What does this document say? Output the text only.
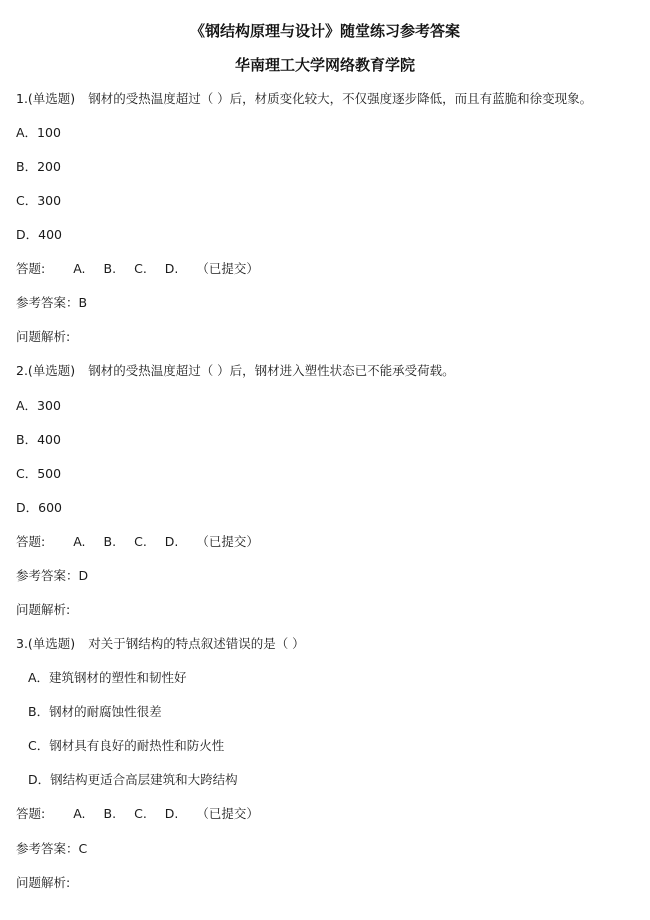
《钢结构原理与设计》随堂练习参考答案
华南理工大学网络教育学院
1.(单选题) 钢材的受热温度超过（ ）后，材质变化较大，不仅强度逐步降低，而且有蓝脆和徐变现象。
A．100
B．200
C．300
D．400
答题: A. B. C. D. （已提交）
参考答案：B
问题解析:
2.(单选题) 钢材的受热温度超过（ ）后，钢材进入塑性状态已不能承受荷载。
A．300
B．400
C．500
D．600
答题: A. B. C. D. （已提交）
参考答案：D
问题解析:
3.(单选题) 对关于钢结构的特点叙述错误的是（ ）
A．建筑钢材的塑性和韧性好
B．钢材的耐腐蚀性很差
C．钢材具有良好的耐热性和防火性
D．钢结构更适合高层建筑和大跨结构
答题: A. B. C. D. （已提交）
参考答案：C
问题解析:
